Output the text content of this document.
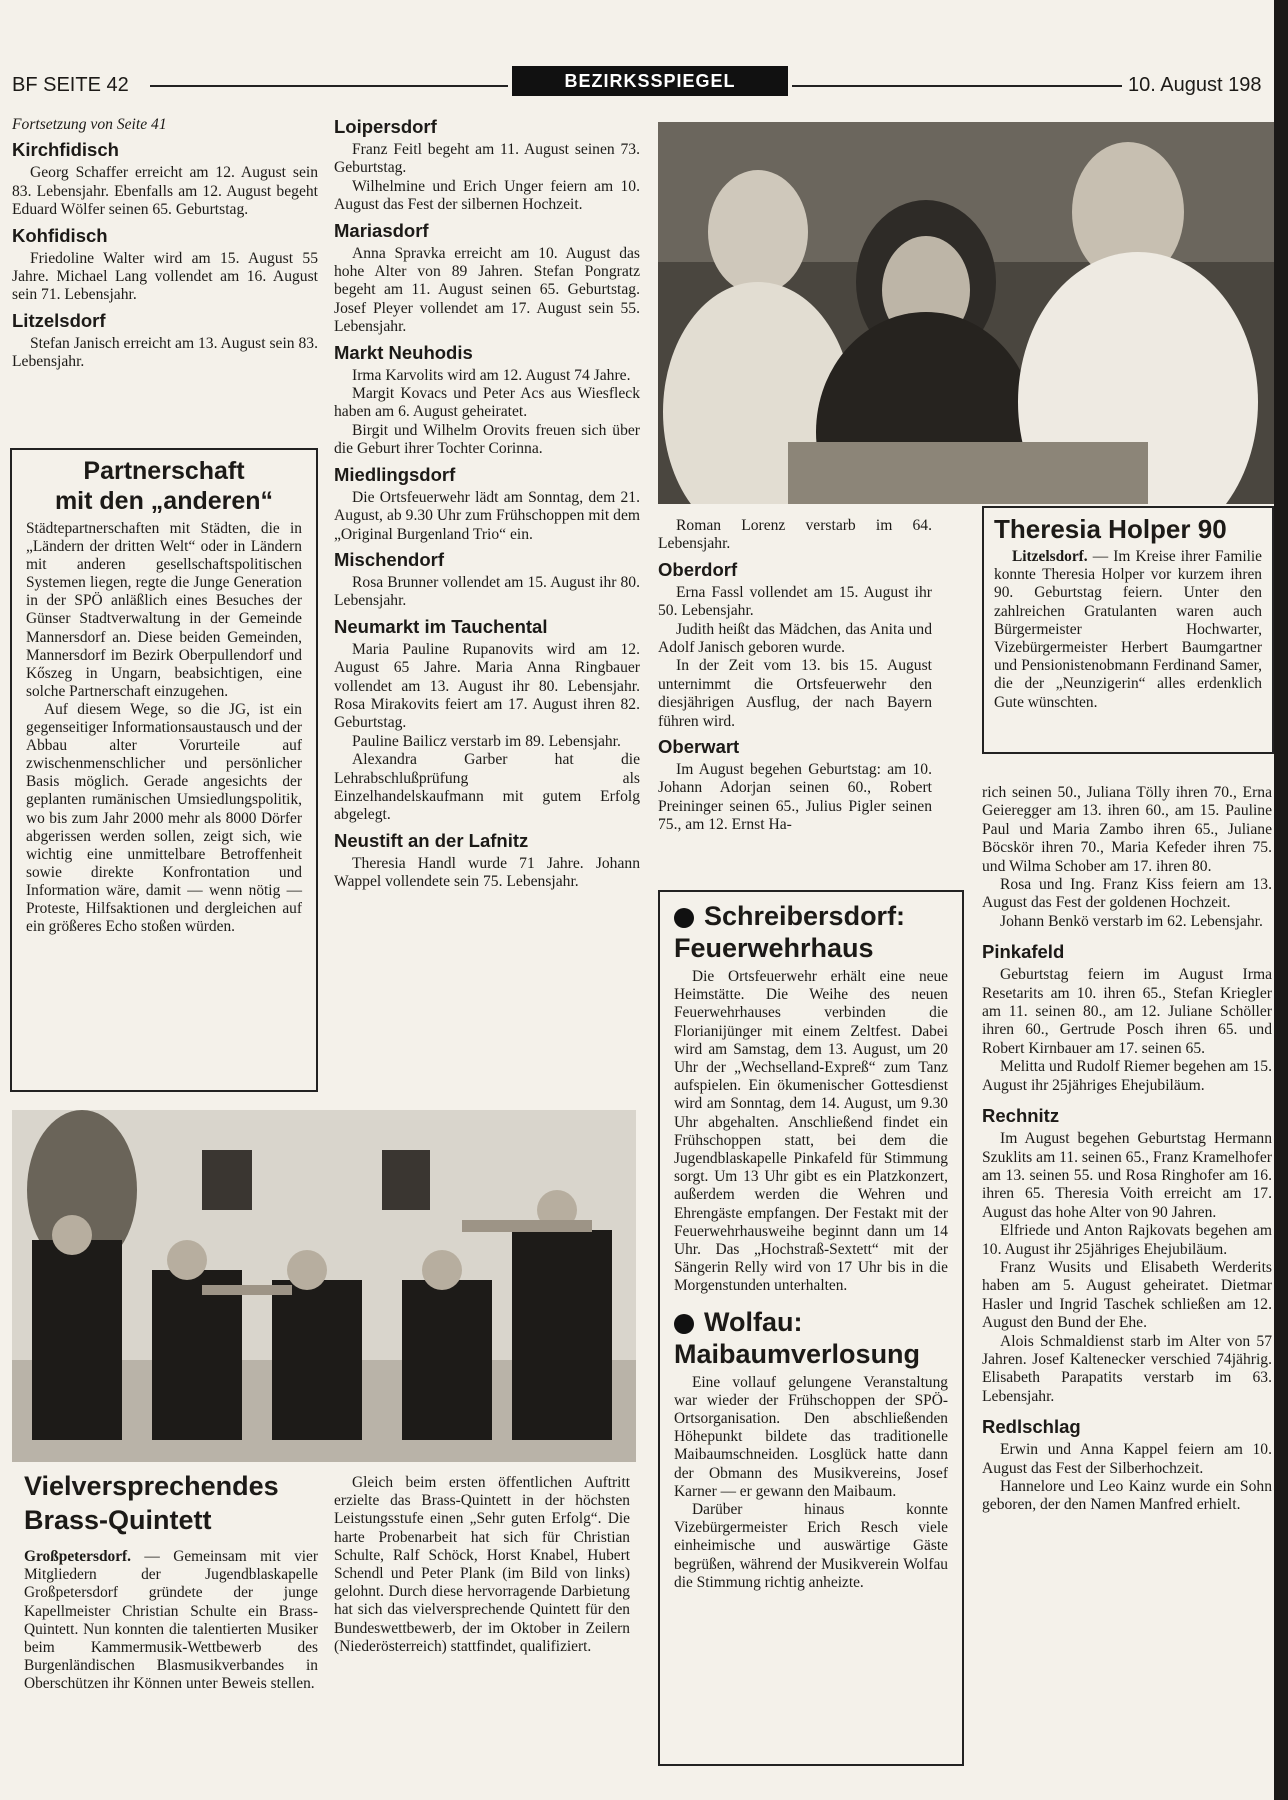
BF SEITE 42	BEZIRKSSPIEGEL	10. August 198
Fortsetzung von Seite 41
Kirchfidisch

Georg Schaffer erreicht am 12. August sein 83. Lebensjahr. Ebenfalls am 12. August begeht Eduard Wölfer seinen 65. Geburtstag.

Kohfidisch

Friedoline Walter wird am 15. August 55 Jahre. Michael Lang vollendet am 16. August sein 71. Lebensjahr.

Litzelsdorf

Stefan Janisch erreicht am 13. August sein 83. Lebensjahr.

Partnerschaft
mit den „anderen“

Städtepartnerschaften mit Städten, die in „Ländern der dritten Welt“ oder in Ländern mit anderen gesellschaftspolitischen Systemen liegen, regte die Junge Generation in der SPÖ anläßlich eines Besuches der Günser Stadtverwaltung in der Gemeinde Mannersdorf an. Diese beiden Gemeinden, Mannersdorf im Bezirk Oberpullendorf und Kőszeg in Ungarn, beabsichtigen, eine solche Partnerschaft einzugehen.

Auf diesem Wege, so die JG, ist ein gegenseitiger Informationsaustausch und der Abbau alter Vorurteile auf zwischenmenschlicher und persönlicher Basis möglich. Gerade angesichts der geplanten rumänischen Umsiedlungspolitik, wo bis zum Jahr 2000 mehr als 8000 Dörfer abgerissen werden sollen, zeigt sich, wie wichtig eine unmittelbare Betroffenheit sowie direkte Konfrontation und Information wäre, damit — wenn nötig — Proteste, Hilfsaktionen und dergleichen auf ein größeres Echo stoßen würden.

Loipersdorf

Franz Feitl begeht am 11. August seinen 73. Geburtstag.

Wilhelmine und Erich Unger feiern am 10. August das Fest der silbernen Hochzeit.

Mariasdorf

Anna Spravka erreicht am 10. August das hohe Alter von 89 Jahren. Stefan Pongratz begeht am 11. August seinen 65. Geburtstag. Josef Pleyer vollendet am 17. August sein 55. Lebensjahr.

Markt Neuhodis

Irma Karvolits wird am 12. August 74 Jahre.

Margit Kovacs und Peter Acs aus Wiesfleck haben am 6. August geheiratet.

Birgit und Wilhelm Orovits freuen sich über die Geburt ihrer Tochter Corinna.

Miedlingsdorf

Die Ortsfeuerwehr lädt am Sonntag, dem 21. August, ab 9.30 Uhr zum Frühschoppen mit dem „Original Burgenland Trio“ ein.

Mischendorf

Rosa Brunner vollendet am 15. August ihr 80. Lebensjahr.

Neumarkt im Tauchental

Maria Pauline Rupanovits wird am 12. August 65 Jahre. Maria Anna Ringbauer vollendet am 13. August ihr 80. Lebensjahr. Rosa Mirakovits feiert am 17. August ihren 82. Geburtstag.

Pauline Bailicz verstarb im 89. Lebensjahr.

Alexandra Garber hat die Lehrabschlußprüfung als Einzelhandelskaufmann mit gutem Erfolg abgelegt.

Neustift an der Lafnitz

Theresia Handl wurde 71 Jahre. Johann Wappel vollendete sein 75. Lebensjahr.

Roman Lorenz verstarb im 64. Lebensjahr.

Oberdorf

Erna Fassl vollendet am 15. August ihr 50. Lebensjahr.

Judith heißt das Mädchen, das Anita und Adolf Janisch geboren wurde.

In der Zeit vom 13. bis 15. August unternimmt die Ortsfeuerwehr den diesjährigen Ausflug, der nach Bayern führen wird.

Oberwart

Im August begehen Geburtstag: am 10. Johann Adorjan seinen 60., Robert Preininger seinen 65., Julius Pigler seinen 75., am 12. Ernst Ha-

Theresia Holper 90

Litzelsdorf. — Im Kreise ihrer Familie konnte Theresia Holper vor kurzem ihren 90. Geburtstag feiern. Unter den zahlreichen Gratulanten waren auch Bürgermeister Hochwarter, Vizebürgermeister Herbert Baumgartner und Pensionistenobmann Ferdinand Samer, die der „Neunzigerin“ alles erdenklich Gute wünschten.

rich seinen 50., Juliana Tölly ihren 70., Erna Geieregger am 13. ihren 60., am 15. Pauline Paul und Maria Zambo ihren 65., Juliane Böcskör ihren 70., Maria Kefeder ihren 75. und Wilma Schober am 17. ihren 80.

Rosa und Ing. Franz Kiss feiern am 13. August das Fest der goldenen Hochzeit.

Johann Benkö verstarb im 62. Lebensjahr.

Pinkafeld

Geburtstag feiern im August Irma Resetarits am 10. ihren 65., Stefan Kriegler am 11. seinen 80., am 12. Juliane Schöller ihren 60., Gertrude Posch ihren 65. und Robert Kirnbauer am 17. seinen 65.

Melitta und Rudolf Riemer begehen am 15. August ihr 25jähriges Ehejubiläum.

Rechnitz

Im August begehen Geburtstag Hermann Szuklits am 11. seinen 65., Franz Kramelhofer am 13. seinen 55. und Rosa Ringhofer am 16. ihren 65. Theresia Voith erreicht am 17. August das hohe Alter von 90 Jahren.

Elfriede und Anton Rajkovats begehen am 10. August ihr 25jähriges Ehejubiläum.

Franz Wusits und Elisabeth Werderits haben am 5. August geheiratet. Dietmar Hasler und Ingrid Taschek schließen am 12. August den Bund der Ehe.

Alois Schmaldienst starb im Alter von 57 Jahren. Josef Kaltenecker verschied 74jährig. Elisabeth Parapatits verstarb im 63. Lebensjahr.

Redlschlag

Erwin und Anna Kappel feiern am 10. August das Fest der Silberhochzeit.

Hannelore und Leo Kainz wurde ein Sohn geboren, der den Namen Manfred erhielt.

Schreibersdorf:
Feuerwehrhaus

Die Ortsfeuerwehr erhält eine neue Heimstätte. Die Weihe des neuen Feuerwehrhauses verbinden die Florianijünger mit einem Zeltfest. Dabei wird am Samstag, dem 13. August, um 20 Uhr der „Wechselland-Expreß“ zum Tanz aufspielen. Ein ökumenischer Gottesdienst wird am Sonntag, dem 14. August, um 9.30 Uhr abgehalten. Anschließend findet ein Frühschoppen statt, bei dem die Jugendblaskapelle Pinkafeld für Stimmung sorgt. Um 13 Uhr gibt es ein Platzkonzert, außerdem werden die Wehren und Ehrengäste empfangen. Der Festakt mit der Feuerwehrhausweihe beginnt dann um 14 Uhr. Das „Hochstraß-Sextett“ mit der Sängerin Relly wird von 17 Uhr bis in die Morgenstunden unterhalten.

Wolfau:
Maibaumverlosung

Eine vollauf gelungene Veranstaltung war wieder der Frühschoppen der SPÖ-Ortsorganisation. Den abschließenden Höhepunkt bildete das traditionelle Maibaumschneiden. Losglück hatte dann der Obmann des Musikvereins, Josef Karner — er gewann den Maibaum.

Darüber hinaus konnte Vizebürgermeister Erich Resch viele einheimische und auswärtige Gäste begrüßen, während der Musikverein Wolfau die Stimmung richtig anheizte.

Vielversprechendes
Brass-Quintett

Großpetersdorf. — Gemeinsam mit vier Mitgliedern der Jugendblaskapelle Großpetersdorf gründete der junge Kapellmeister Christian Schulte ein Brass-Quintett. Nun konnten die talentierten Musiker beim Kammermusik-Wettbewerb des Burgenländischen Blasmusikverbandes in Oberschützen ihr Können unter Beweis stellen.

Gleich beim ersten öffentlichen Auftritt erzielte das Brass-Quintett in der höchsten Leistungsstufe einen „Sehr guten Erfolg“. Die harte Probenarbeit hat sich für Christian Schulte, Ralf Schöck, Horst Knabel, Hubert Schendl und Peter Plank (im Bild von links) gelohnt. Durch diese hervorragende Darbietung hat sich das vielversprechende Quintett für den Bundeswettbewerb, der im Oktober in Zeilern (Niederösterreich) stattfindet, qualifiziert.
